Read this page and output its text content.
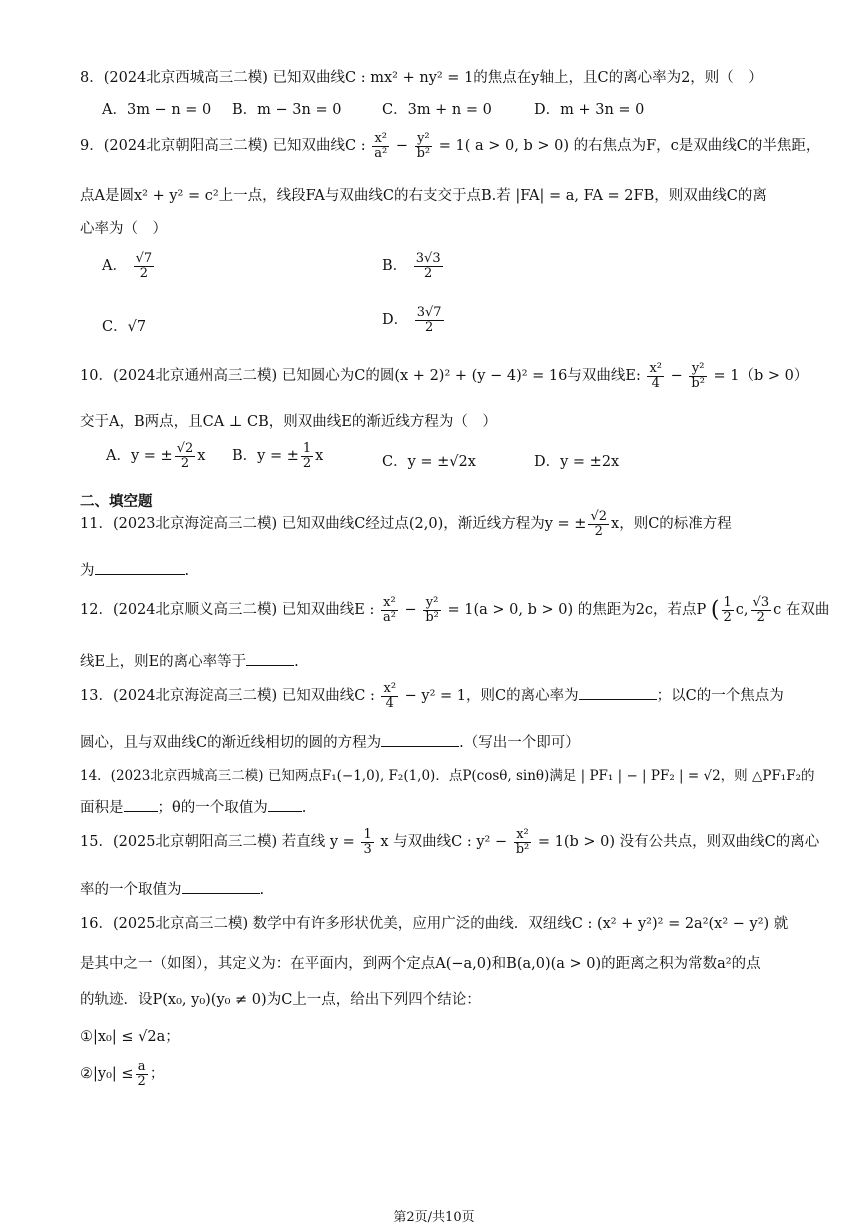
8．(2024北京西城高三二模) 已知双曲线C : mx² + ny² = 1的焦点在y轴上，且C的离心率为2，则（　）
A．3m − n = 0 B．m − 3n = 0	C．3m + n = 0	D．m + 3n = 0
9．(2024北京朝阳高三二模) 已知双曲线C : $\frac{\text{x²}}{\text{a²}} - \frac{\text{y²}}{\text{b²}} = 1$( a > 0, b > 0) 的右焦点为F，c是双曲线C的半焦距，
点A是圆x² + y² = c²上一点，线段FA与双曲线C的右支交于点B.若 |FA| = a, FA = 2FB，则双曲线C的离
心率为（　）
A． $\frac{√7}{2}$	B． $\frac{3√3}{2}$
C．√7	D． $\frac{3√7}{2}$
10．(2024北京通州高三二模) 已知圆心为C的圆(x + 2)² + (y − 4)² = 16与双曲线E: $\frac{\text{x²}}{4} - \frac{\text{y²}}{\text{b²}} = 1(b > 0)$
交于A，B两点，且CA ⊥ CB，则双曲线E的渐近线方程为（　）
A．y = ± $\frac{√2}{2}$ x B．y = ± $\frac{1}{2}$ x	C．y = ±√2x	D．y = ±2x
二、填空题
11．(2023北京海淀高三二模) 已知双曲线C经过点(2,0)，渐近线方程为y = ± $\frac{√2}{2}$ x，则C的标准方程
为	.
12．(2024北京顺义高三二模) 已知双曲线E : $\frac{\text{x²}}{\text{a²}} - \frac{\text{y²}}{\text{b²}} = 1(a > 0$, b > 0) 的焦距为2c，若点P ( $\frac{1}{2} c$, $\frac{√3}{2}$ c 在双曲
线E上，则E的离心率等于	.
13．(2024北京海淀高三二模) 已知双曲线C : $\frac{\text{x²}}{4} - y^2 = 1$，则C的离心率为	；以C的一个焦点为
圆心，且与双曲线C的渐近线相切的圆的方程为	.（写出一个即可）
14．(2023北京西城高三二模) 已知两点F₁(−1,0), F₂(1,0)．点P(cosθ, sinθ)满足 | PF₁ | − | PF₂ | = √2，则 △PF₁F₂的
面积是 ；θ的一个取值为 .
15．(2025北京朝阳高三二模) 若直线 $y = \frac{1}{3}$ x 与双曲线C : $y^2 - \frac{\text{x²}}{\text{b²}} = 1(b > 0)$ 没有公共点，则双曲线C的离心
率的一个取值为	.
16．(2025北京高三二模) 数学中有许多形状优美，应用广泛的曲线．双纽线C : (x² + y²)² = 2a²(x² − y²) 就
是其中之一（如图），其定义为：在平面内，到两个定点A(−a,0)和B(a,0)(a > 0)的距离之积为常数a²的点
的轨迹．设P(x₀, y₀)(y₀ ≠ 0)为C上一点，给出下列四个结论：
①|x₀| ≤ √2a；
②|y₀| ≤ $\frac{a}{2}$ ；
第2页/共10页
